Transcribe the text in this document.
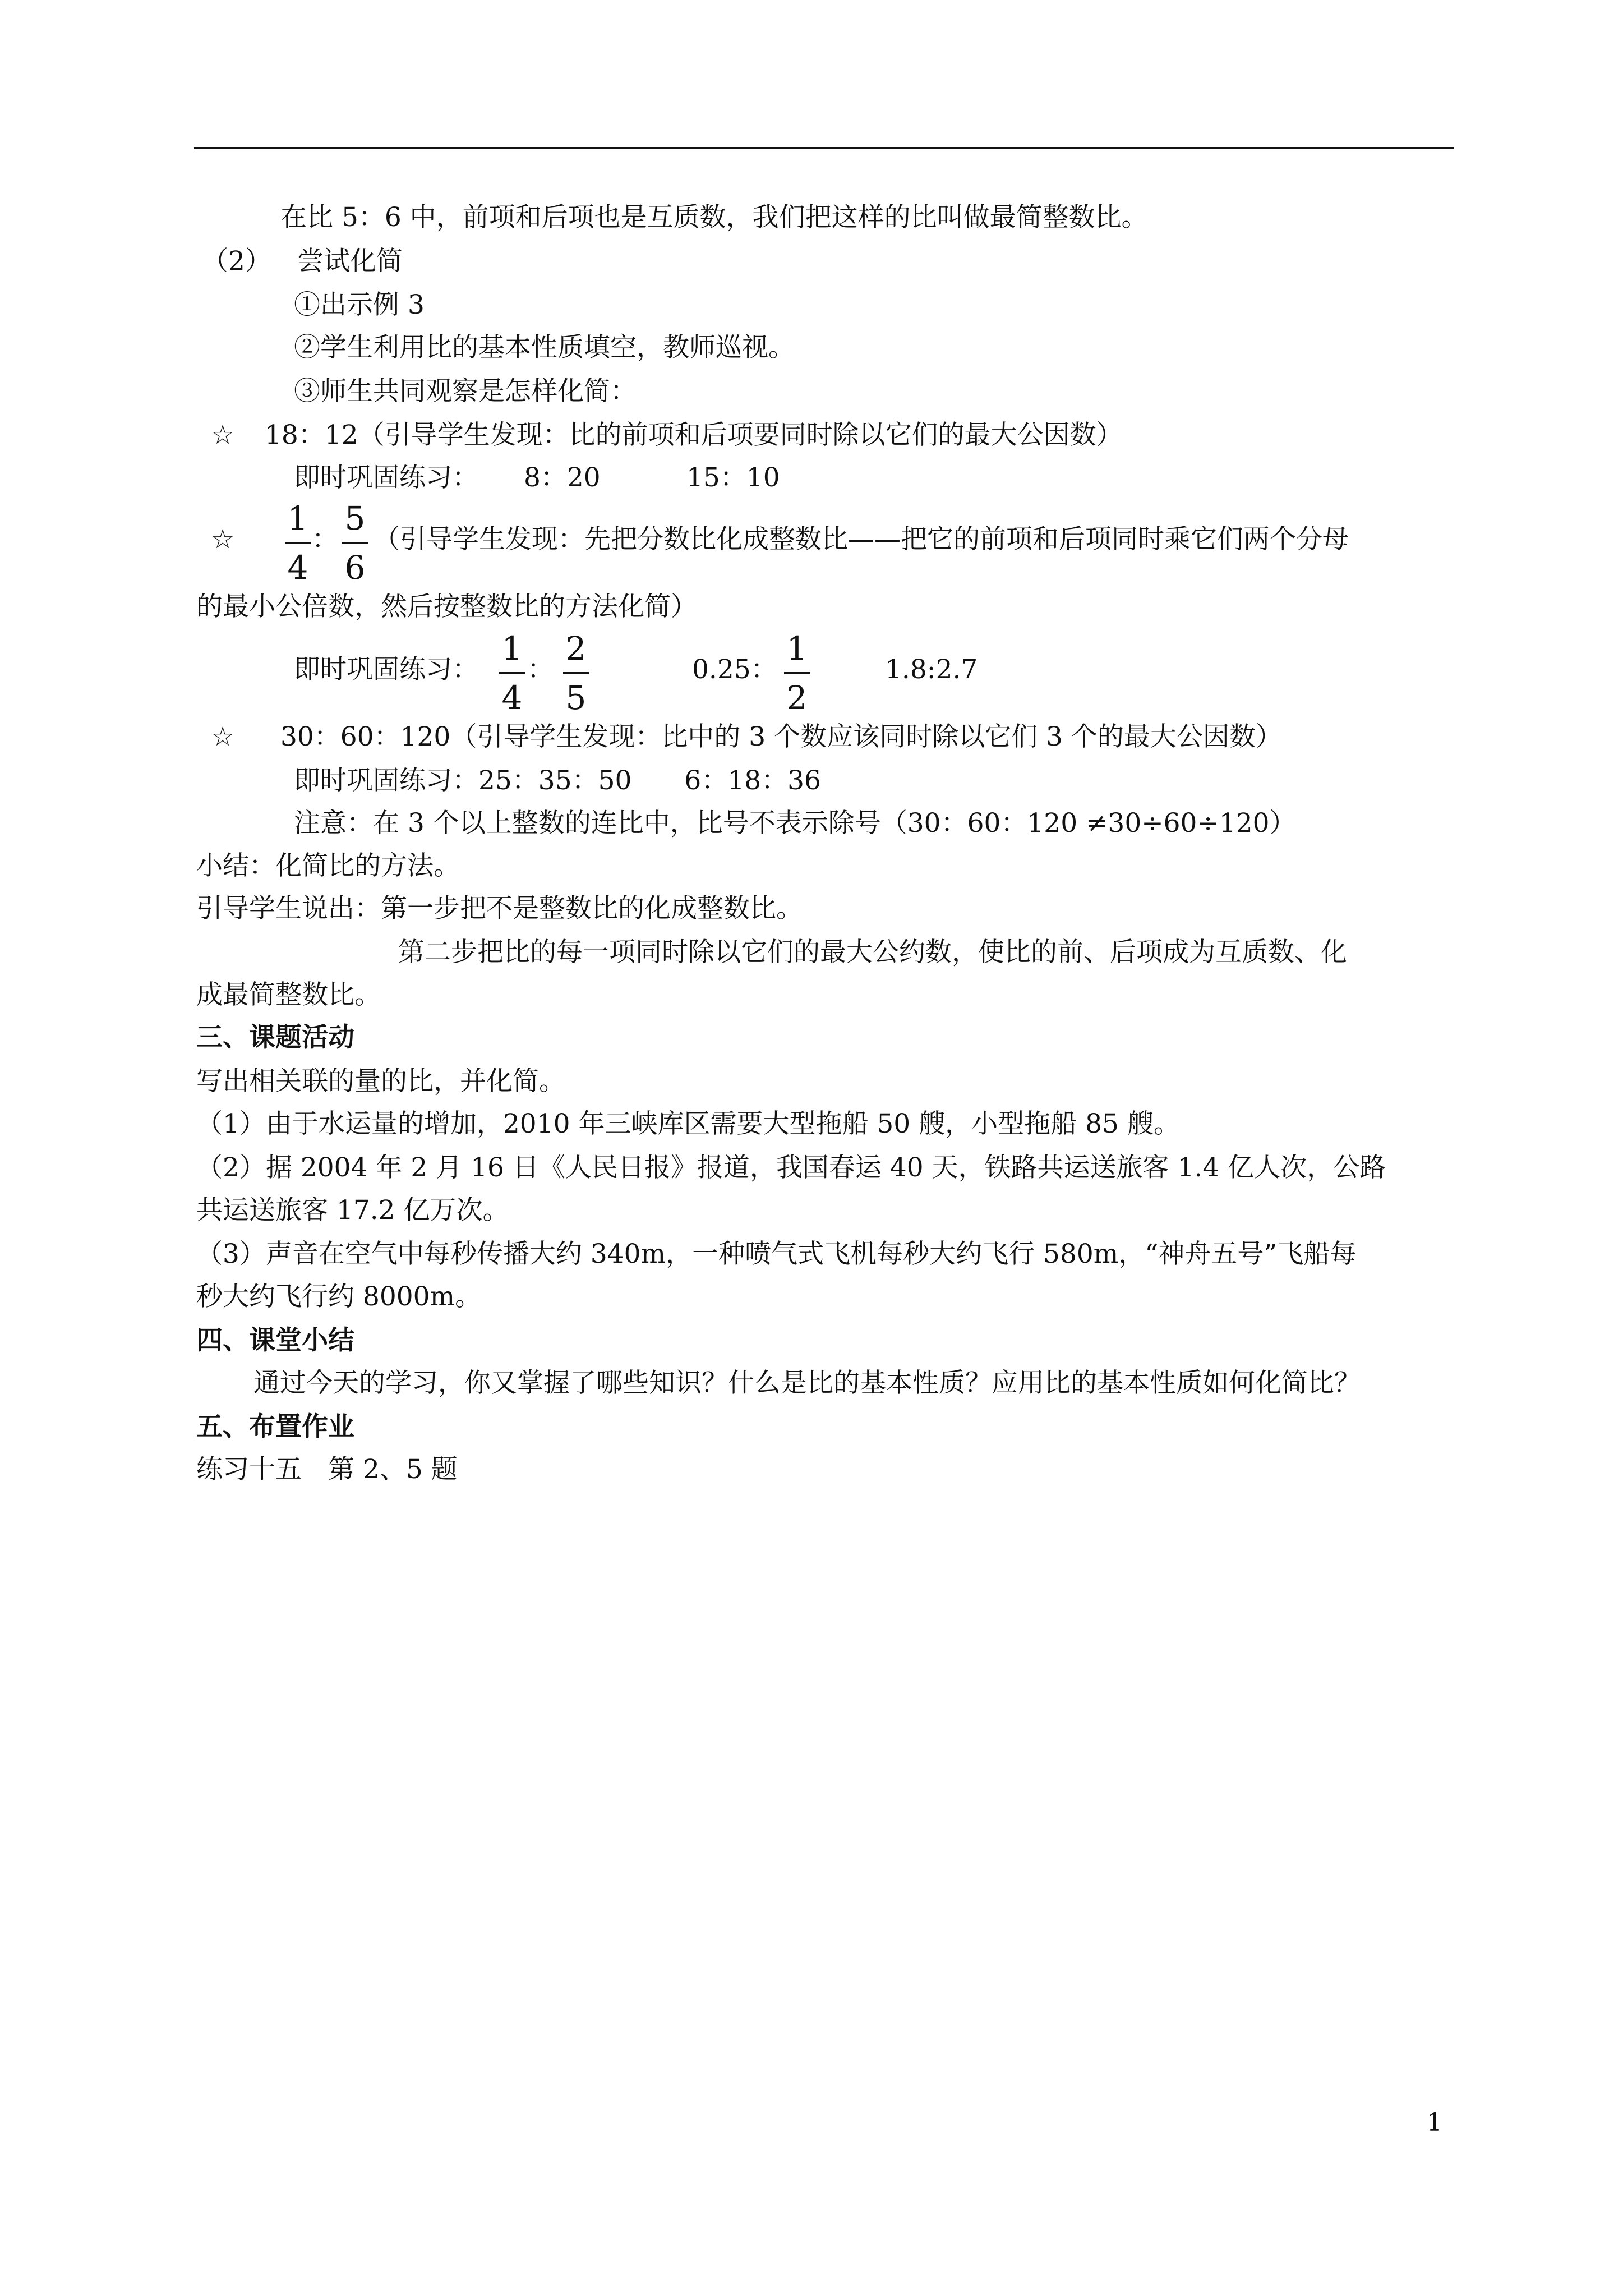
在比 5：6 中，前项和后项也是互质数，我们把这样的比叫做最简整数比。
（2） 尝试化简
①出示例 3
②学生利用比的基本性质填空，教师巡视。
③师生共同观察是怎样化简：
☆ 18：12（引导学生发现：比的前项和后项要同时除以它们的最大公因数）
即时巩固练习： 8：20	15：10
☆
1
4
：
5
6
（引导学生发现：先把分数比化成整数比——把它的前项和后项同时乘它们两个分母
的最小公倍数，然后按整数比的方法化简）
即时巩固练习：
1
4
：
2
5
0.25：
1
2
1.8:2.7
☆ 30：60：120（引导学生发现：比中的 3 个数应该同时除以它们 3 个的最大公因数）
即时巩固练习：25：35：50　　6：18：36
注意：在 3 个以上整数的连比中，比号不表示除号（30：60：120 ≠30÷60÷120）
小结：化简比的方法。
引导学生说出：第一步把不是整数比的化成整数比。
第二步把比的每一项同时除以它们的最大公约数，使比的前、后项成为互质数、化
成最简整数比。
三、课题活动
写出相关联的量的比，并化简。
（1）由于水运量的增加，2010 年三峡库区需要大型拖船 50 艘，小型拖船 85 艘。
（2）据 2004 年 2 月 16 日《人民日报》报道，我国春运 40 天，铁路共运送旅客 1.4 亿人次，公路
共运送旅客 17.2 亿万次。
（3）声音在空气中每秒传播大约 340m，一种喷气式飞机每秒大约飞行 580m，“神舟五号”飞船每
秒大约飞行约 8000m。
四、课堂小结
通过今天的学习，你又掌握了哪些知识？什么是比的基本性质？应用比的基本性质如何化简比？
五、布置作业
练习十五　第 2、5 题
1
